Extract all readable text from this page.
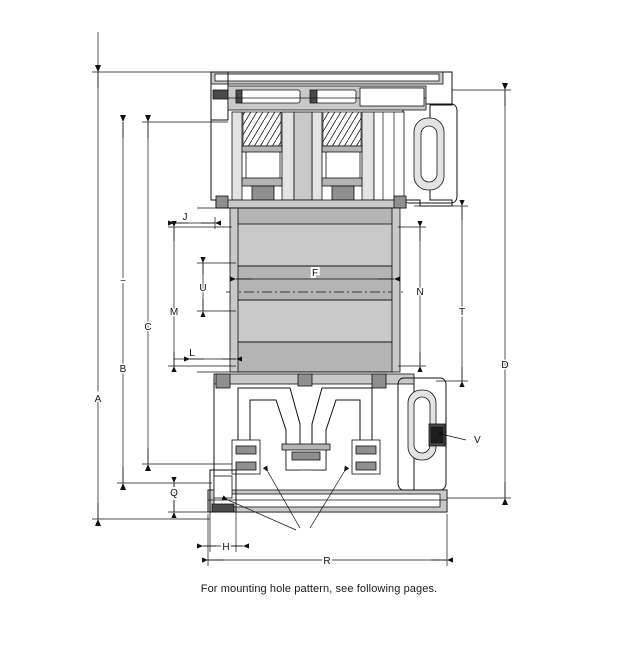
A
B
~
C
M
U
F
J
L
Q
H
R
N
T
D
V
For mounting hole pattern, see following pages.
